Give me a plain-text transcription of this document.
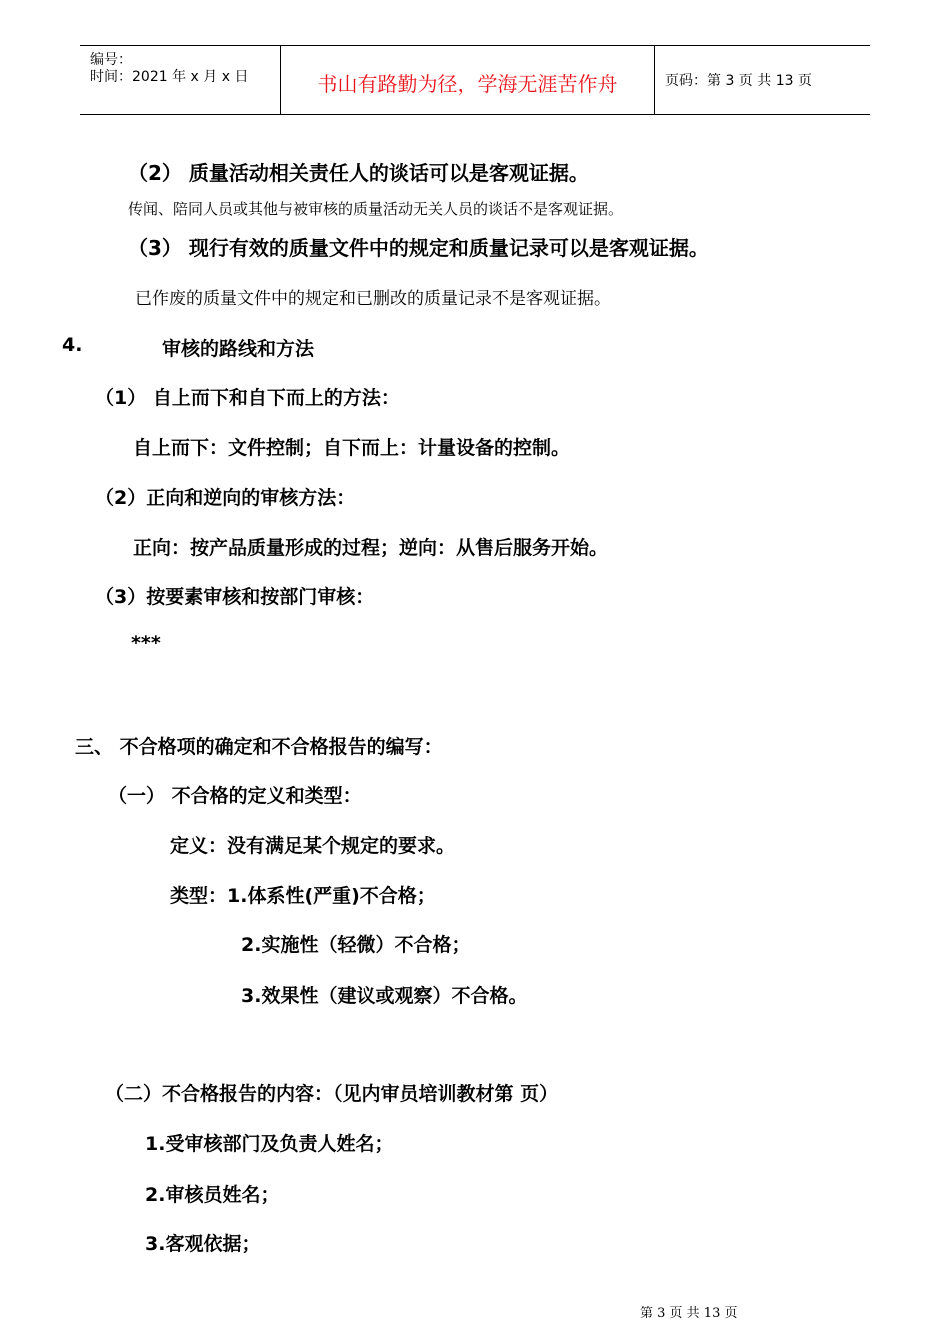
编号：
时间：2021 年 x 月 x 日	书山有路勤为径，学海无涯苦作舟	页码：第 3 页 共 13 页
（2） 质量活动相关责任人的谈话可以是客观证据。
传闻、陪同人员或其他与被审核的质量活动无关人员的谈话不是客观证据。
（3） 现行有效的质量文件中的规定和质量记录可以是客观证据。
已作废的质量文件中的规定和已删改的质量记录不是客观证据。
4.	审核的路线和方法
（1） 自上而下和自下而上的方法：
自上而下：文件控制；自下而上：计量设备的控制。
（2）正向和逆向的审核方法：
正向：按产品质量形成的过程；逆向：从售后服务开始。
（3）按要素审核和按部门审核：
***
三、 不合格项的确定和不合格报告的编写：
（一） 不合格的定义和类型：
定义：没有满足某个规定的要求。
类型：1.体系性(严重)不合格；
2.实施性（轻微）不合格；
3.效果性（建议或观察）不合格。
（二）不合格报告的内容：（见内审员培训教材第 页）
1.受审核部门及负责人姓名；
2.审核员姓名；
3.客观依据；
第 3 页 共 13 页
